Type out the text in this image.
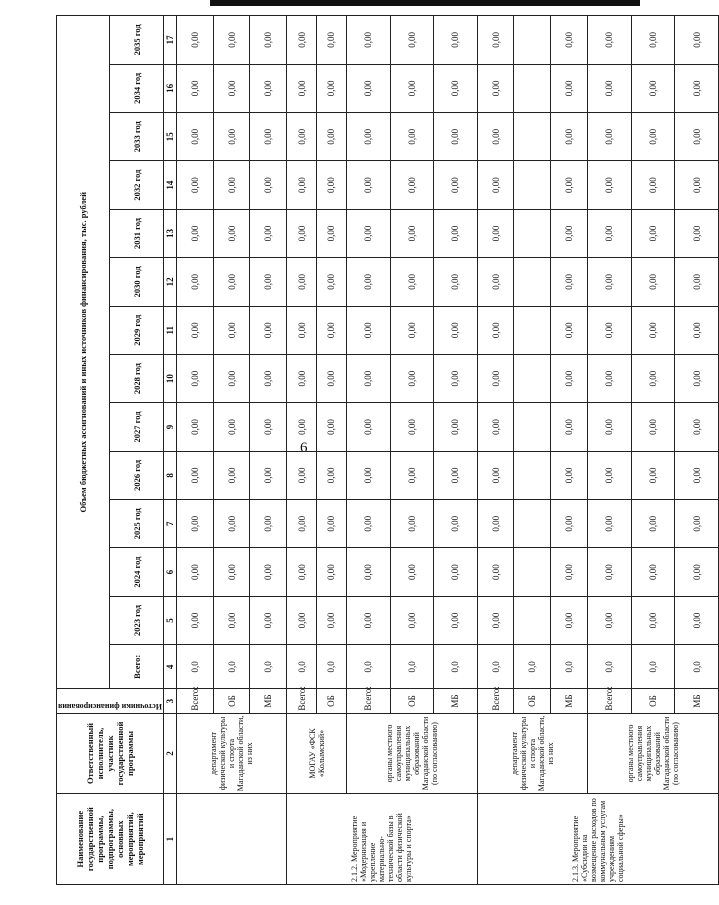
6
Наименование государственной программы, подпрограммы, основных мероприятий, мероприятий	Ответственный исполнитель, участник государственной программы	Источники финансирования	Объем бюджетных ассигнований и иных источников финансирования, тыс. рублей													
			Всего:	2023 год	2024 год	2025 год	2026 год	2027 год	2028 год	2029 год	2030 год	2031 год	2032 год	2033 год	2034 год	2035 год
1	2	3	4	5	6	7	8	9	10	11	12	13	14	15	16	17
	департамент физической культуры и спорта Магаданской области, из них	Всего:	0,0	0,00	0,00	0,00	0,00	0,00	0,00	0,00	0,00	0,00	0,00	0,00	0,00	0,00
		ОБ	0,0	0,00	0,00	0,00	0,00	0,00	0,00	0,00	0,00	0,00	0,00	0,00	0,00	0,00
		МБ	0,0	0,00	0,00	0,00	0,00	0,00	0,00	0,00	0,00	0,00	0,00	0,00	0,00	0,00
2.1.2. Мероприятие «Модернизация и укрепление материально-технической базы в области физической культуры и спорта»	МОГАУ «ФСК «Колымский»	Всего:	0,0	0,00	0,00	0,00	0,00	0,00	0,00	0,00	0,00	0,00	0,00	0,00	0,00	0,00
		ОБ	0,0	0,00	0,00	0,00	0,00	0,00	0,00	0,00	0,00	0,00	0,00	0,00	0,00	0,00
	органы местного самоуправления муниципальных образований Магаданской области (по согласованию)	Всего:	0,0	0,00	0,00	0,00	0,00	0,00	0,00	0,00	0,00	0,00	0,00	0,00	0,00	0,00
		ОБ	0,0	0,00	0,00	0,00	0,00	0,00	0,00	0,00	0,00	0,00	0,00	0,00	0,00	0,00
		МБ	0,0	0,00	0,00	0,00	0,00	0,00	0,00	0,00	0,00	0,00	0,00	0,00	0,00	0,00
2.1.3. Мероприятие «Субсидии на возмещение расходов по коммунальным услугам учреждениям социальной сферы»	департамент физической культуры и спорта Магаданской области, из них	Всего:	0,0	0,00	0,00	0,00	0,00	0,00	0,00	0,00	0,00	0,00	0,00	0,00	0,00	0,00
		ОБ	0,0													
		МБ	0,0	0,00	0,00	0,00	0,00	0,00	0,00	0,00	0,00	0,00	0,00	0,00	0,00	0,00
	органы местного самоуправления муниципальных образований Магаданской области (по согласованию)	Всего:	0,0	0,00	0,00	0,00	0,00	0,00	0,00	0,00	0,00	0,00	0,00	0,00	0,00	0,00
		ОБ	0,0	0,00	0,00	0,00	0,00	0,00	0,00	0,00	0,00	0,00	0,00	0,00	0,00	0,00
		МБ	0,0	0,00	0,00	0,00	0,00	0,00	0,00	0,00	0,00	0,00	0,00	0,00	0,00	0,00
